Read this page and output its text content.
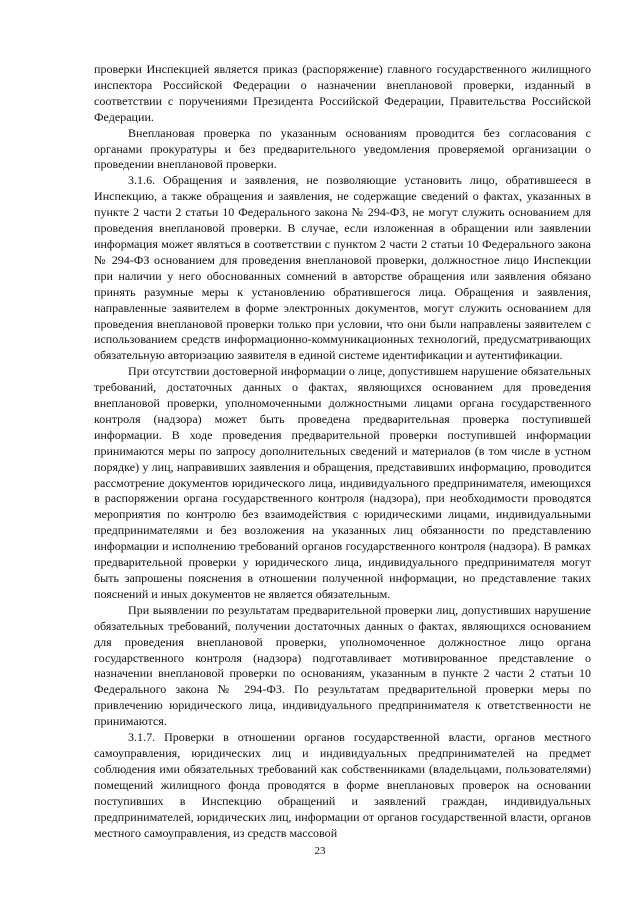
проверки Инспекцией является приказ (распоряжение) главного государственного жилищного инспектора Российской Федерации о назначении внеплановой проверки, изданный в соответствии с поручениями Президента Российской Федерации, Правительства Российской Федерации.

Внеплановая проверка по указанным основаниям проводится без согласования с органами прокуратуры и без предварительного уведомления проверяемой организации о проведении внеплановой проверки.

3.1.6. Обращения и заявления, не позволяющие установить лицо, обратившееся в Инспекцию, а также обращения и заявления, не содержащие сведений о фактах, указанных в пункте 2 части 2 статьи 10 Федерального закона № 294-ФЗ, не могут служить основанием для проведения внеплановой проверки. В случае, если изложенная в обращении или заявлении информация может являться в соответствии с пунктом 2 части 2 статьи 10 Федерального закона № 294-ФЗ основанием для проведения внеплановой проверки, должностное лицо Инспекции при наличии у него обоснованных сомнений в авторстве обращения или заявления обязано принять разумные меры к установлению обратившегося лица. Обращения и заявления, направленные заявителем в форме электронных документов, могут служить основанием для проведения внеплановой проверки только при условии, что они были направлены заявителем с использованием средств информационно-коммуникационных технологий, предусматривающих обязательную авторизацию заявителя в единой системе идентификации и аутентификации.

При отсутствии достоверной информации о лице, допустившем нарушение обязательных требований, достаточных данных о фактах, являющихся основанием для проведения внеплановой проверки, уполномоченными должностными лицами органа государственного контроля (надзора) может быть проведена предварительная проверка поступившей информации. В ходе проведения предварительной проверки поступившей информации принимаются меры по запросу дополнительных сведений и материалов (в том числе в устном порядке) у лиц, направивших заявления и обращения, представивших информацию, проводится рассмотрение документов юридического лица, индивидуального предпринимателя, имеющихся в распоряжении органа государственного контроля (надзора), при необходимости проводятся мероприятия по контролю без взаимодействия с юридическими лицами, индивидуальными предпринимателями и без возложения на указанных лиц обязанности по представлению информации и исполнению требований органов государственного контроля (надзора). В рамках предварительной проверки у юридического лица, индивидуального предпринимателя могут быть запрошены пояснения в отношении полученной информации, но представление таких пояснений и иных документов не является обязательным.

При выявлении по результатам предварительной проверки лиц, допустивших нарушение обязательных требований, получении достаточных данных о фактах, являющихся основанием для проведения внеплановой проверки, уполномоченное должностное лицо органа государственного контроля (надзора) подготавливает мотивированное представление о назначении внеплановой проверки по основаниям, указанным в пункте 2 части 2 статьи 10 Федерального закона № 294-ФЗ. По результатам предварительной проверки меры по привлечению юридического лица, индивидуального предпринимателя к ответственности не принимаются.

3.1.7. Проверки в отношении органов государственной власти, органов местного самоуправления, юридических лиц и индивидуальных предпринимателей на предмет соблюдения ими обязательных требований как собственниками (владельцами, пользователями) помещений жилищного фонда проводятся в форме внеплановых проверок на основании поступивших в Инспекцию обращений и заявлений граждан, индивидуальных предпринимателей, юридических лиц, информации от органов государственной власти, органов местного самоуправления, из средств массовой

23
